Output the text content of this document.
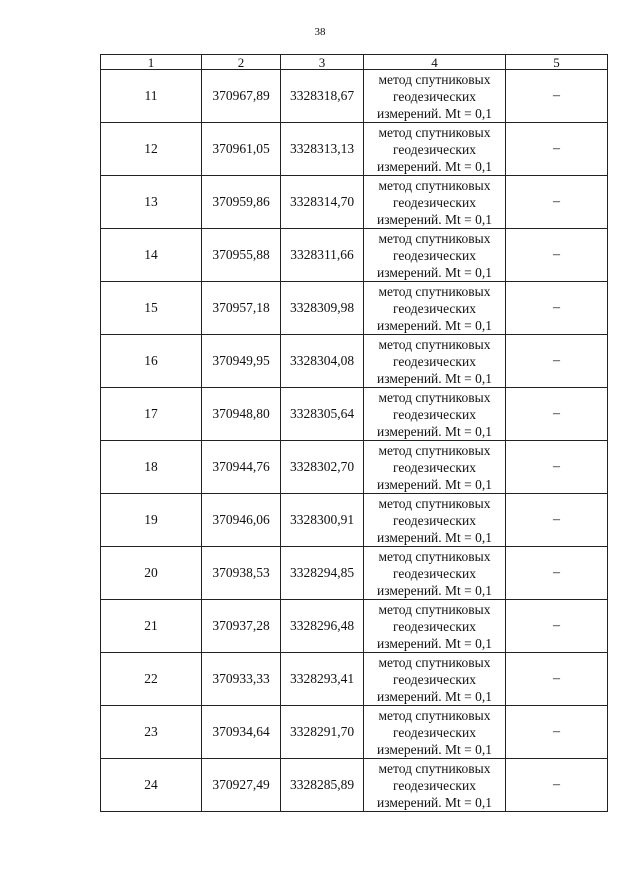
38
1	2	3	4	5
11	370967,89	3328318,67	метод спутниковых
геодезических
измерений. Mt = 0,1	–
12	370961,05	3328313,13	метод спутниковых
геодезических
измерений. Mt = 0,1	–
13	370959,86	3328314,70	метод спутниковых
геодезических
измерений. Mt = 0,1	–
14	370955,88	3328311,66	метод спутниковых
геодезических
измерений. Mt = 0,1	–
15	370957,18	3328309,98	метод спутниковых
геодезических
измерений. Mt = 0,1	–
16	370949,95	3328304,08	метод спутниковых
геодезических
измерений. Mt = 0,1	–
17	370948,80	3328305,64	метод спутниковых
геодезических
измерений. Mt = 0,1	–
18	370944,76	3328302,70	метод спутниковых
геодезических
измерений. Mt = 0,1	–
19	370946,06	3328300,91	метод спутниковых
геодезических
измерений. Mt = 0,1	–
20	370938,53	3328294,85	метод спутниковых
геодезических
измерений. Mt = 0,1	–
21	370937,28	3328296,48	метод спутниковых
геодезических
измерений. Mt = 0,1	–
22	370933,33	3328293,41	метод спутниковых
геодезических
измерений. Mt = 0,1	–
23	370934,64	3328291,70	метод спутниковых
геодезических
измерений. Mt = 0,1	–
24	370927,49	3328285,89	метод спутниковых
геодезических
измерений. Mt = 0,1	–
